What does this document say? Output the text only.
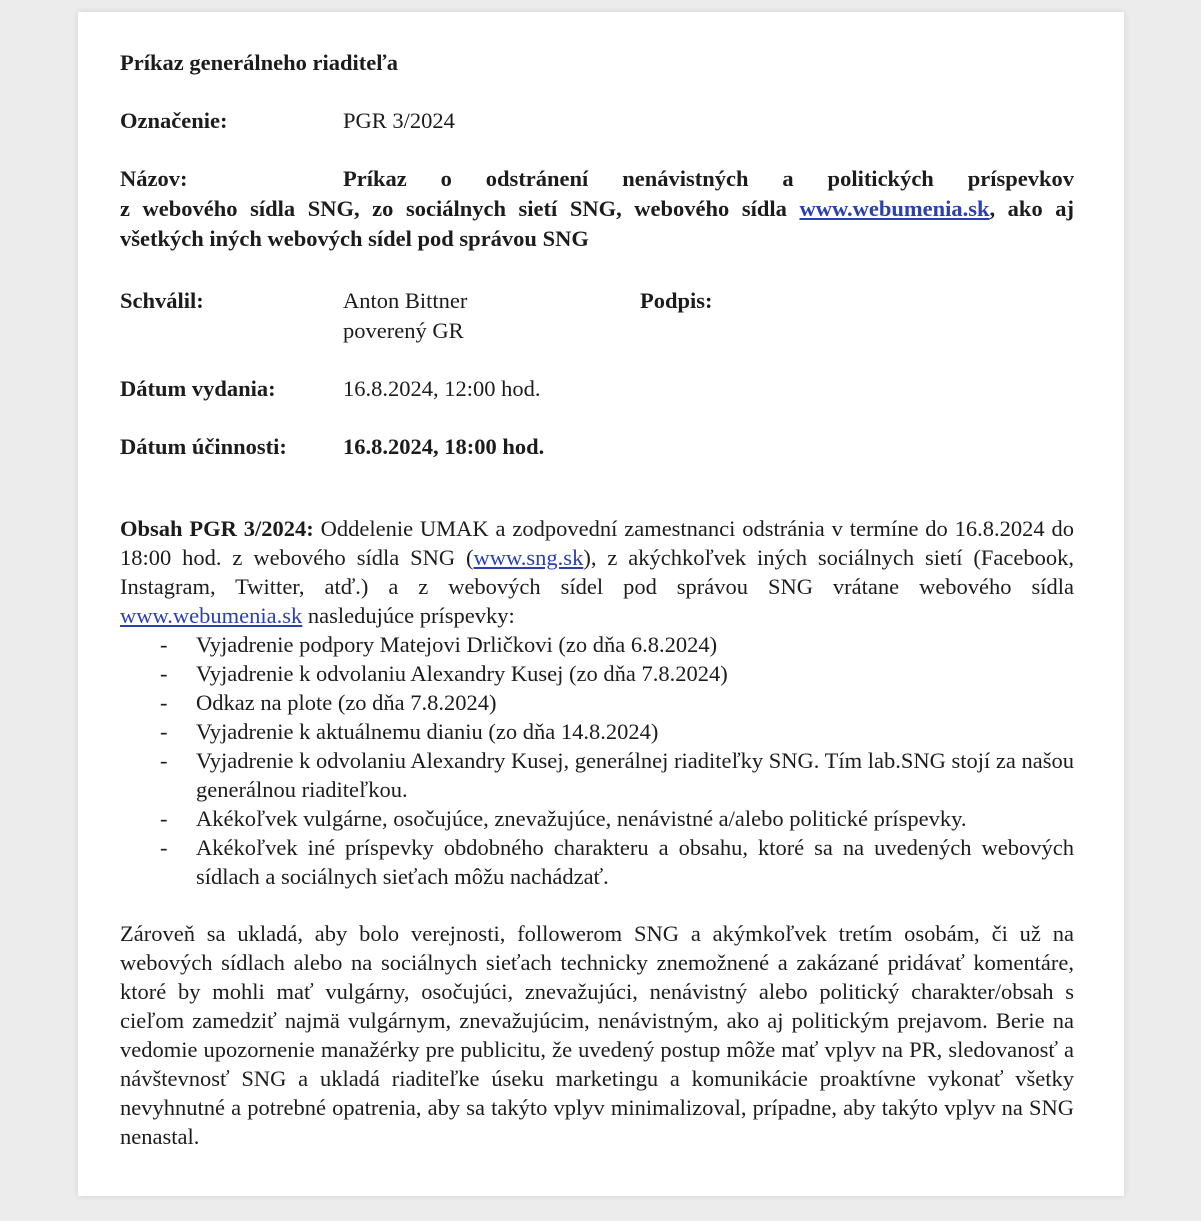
Príkaz generálneho riaditeľa
Označenie:	PGR 3/2024
Názov:	Príkaz o odstránení nenávistných a politických príspevkov
z webového sídla SNG, zo sociálnych sietí SNG, webového sídla www.webumenia.sk, ako aj všetkých iných webových sídel pod správou SNG
Schválil:	Anton Bittner
poverený GR
Podpis:
Dátum vydania:	16.8.2024, 12:00 hod.
Dátum účinnosti:	16.8.2024, 18:00 hod.
Obsah PGR 3/2024: Oddelenie UMAK a zodpovední zamestnanci odstránia v termíne do 16.8.2024 do 18:00 hod. z webového sídla SNG (www.sng.sk), z akýchkoľvek iných sociálnych sietí (Facebook, Instagram, Twitter, atď.) a z webových sídel pod správou SNG vrátane webového sídla www.webumenia.sk nasledujúce príspevky:
-	Vyjadrenie podpory Matejovi Drličkovi (zo dňa 6.8.2024)
-	Vyjadrenie k odvolaniu Alexandry Kusej (zo dňa 7.8.2024)
-	Odkaz na plote (zo dňa 7.8.2024)
-	Vyjadrenie k aktuálnemu dianiu (zo dňa 14.8.2024)
-	Vyjadrenie k odvolaniu Alexandry Kusej, generálnej riaditeľky SNG. Tím lab.SNG stojí za našou generálnou riaditeľkou.
-	Akékoľvek vulgárne, osočujúce, znevažujúce, nenávistné a/alebo politické príspevky.
-	Akékoľvek iné príspevky obdobného charakteru a obsahu, ktoré sa na uvedených webových sídlach a sociálnych sieťach môžu nachádzať.
Zároveň sa ukladá, aby bolo verejnosti, followerom SNG a akýmkoľvek tretím osobám, či už na webových sídlach alebo na sociálnych sieťach technicky znemožnené a zakázané pridávať komentáre, ktoré by mohli mať vulgárny, osočujúci, znevažujúci, nenávistný alebo politický charakter/obsah s cieľom zamedziť najmä vulgárnym, znevažujúcim, nenávistným, ako aj politickým prejavom. Berie na vedomie upozornenie manažérky pre publicitu, že uvedený postup môže mať vplyv na PR, sledovanosť a návštevnosť SNG a ukladá riaditeľke úseku marketingu a komunikácie proaktívne vykonať všetky nevyhnutné a potrebné opatrenia, aby sa takýto vplyv minimalizoval, prípadne, aby takýto vplyv na SNG nenastal.
